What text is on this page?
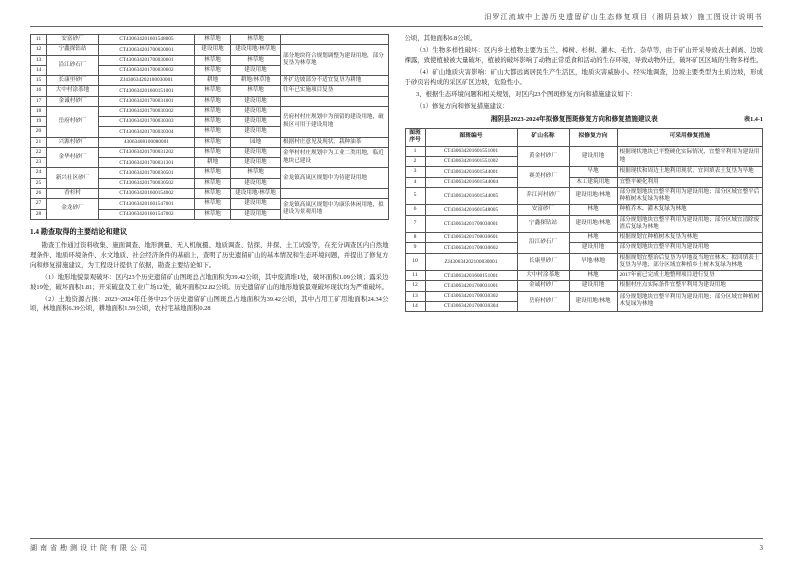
汨罗江流域中上游历史遗留矿山生态修复项目（湘阴县域）施工图设计说明书
11	安富砂厂	CT430634201601548005	林草地	林草地	
12	宁鑫探钻站	CT430634201700030001	建设用地	建设用地/林草地	部分地块符合规划调整为建设用地，部分复垦为林草地
13	沿江砂石厂	CT430634201700030601	林草地	林草地	
14		CT430634201700030602	林草地	建设用地	
15	长康里砂厂	ZJ430634202100030001	耕地	耕地/林草地	外扩边坡部分不适宜复垦为耕地
16	大中村涂茶地	CT430634201600151001	林草地	林草地	往年已实施项目复垦
17	金诚村砂厂	CT430634201700031001	林草地	建设用地	
18	岳府村砂厂	CT430634201700030302	林草地	建设用地	岳府村村庄规划中为预留的建设用地，破损区可用于建设用地
19		CT430634201700030303	林草地	建设用地	
20		CT430634201700030304	林草地	建设用地	
21	兴源村砂厂	43063408100080001	林草地	园地	根据村庄意见及现状，栽种油茶
22	金华村砂厂	CT430634201700031202	林草地	建设用地	金华村村庄规划中为工业二类用地，临近地块已建设
23		CT430634201700031301	耕地	建设用地	
24	新兴社区砂厂	CT430634201700030501	林草地	林草地	金龙镇高岚区规划中为待建设用地
25		CT430634201700030502	林草地	建设用地	
26	香杉村	CT430634201600154002	林草地	建设用地/林草地	
27	金龙砂厂	CT430634201601547001	林草地	建设用地	金龙镇高岚区规划中为康乐休闲用地，拟建设为景观用地
28		CT430634201601547002	林草地	建设用地	
1.4 勘查取得的主要结论和建议

勘查工作通过资料收集、施面调查、地形测量、无人机航摄、地质调查、钻探、井探、土工试验等，在充分调查区内自然地理条件、地质环境条件、水文地质、社会经济条件的基础上，查明了历史遗留矿山的基本情况和生态环境问题，并提出了修复方向和修复措施建议，为工程设计提供了依据，勘查主要结论如下。

（1）地形地貌景观破坏：区内23个历史遗留矿山图斑总占地面积为39.42公顷，其中废渣堆1处，破坏面积1.09公顷；露采边坡19处，破坏面积1.81；开采破盘及工业广场12处，破坏面积32.82公顷。历史遗留矿山的地形地貌景观破坏现状均为严重破坏。

（2）土地资源占损：2023~2024年任务中23个历史遗留矿山图斑总占地面积为39.42公顷，其中占用工矿用地面积24.34公顷，林地面积6.39公顷，耕地面积1.59公顷，农村宅基地面积0.28

公顷，其他面积6.8公顷。

（3）生物多样性破坏：区内乡土植物主要为玉兰、樟树、杉树、灌木、毛竹、杂草等，由于矿山开采导致表土剥离、边坡裸露，致使植被被大量破坏，植被的破坏影响了动物正常觅食和活动的生存环境，导致动物外迁，破坏矿区区域的生物多样性。

（4）矿山地质灾害影响：矿山大都远离居民生产生活区，地质灾害威胁小。经实地调查，边坡主要类型为土质边坡，形成于砂页岩构成的采区矿区边坡，危险性小。

3、根据生态环境问题和相关规划，对区内23个图斑修复方向和措施建议如下：

（1）修复方向和修复措施建议：

湘阴县2023-2024年拟修复图斑修复方向和修复措施建议表	表1.4-1
图斑序号	图斑编号	矿山名称	拟修复方向	可采用修复措施
1	CT430634201601551001	黄金村砂厂	建设用地	根据现状地块已平整硬化实际情况，宜整平利用为建设用地
2	CT430634201601551002			
3	CT430634201601544001	赛美村砂厂	旱地	根据现状和周边土地利用现状，宜回填表土复垦为旱地
4	CT430634201601544004		木工建筑用地	宜整平硬化利用
5	CT430634201601544005	乔江河村砂厂	建设用地/林地	部分规划地块宜整平利用为建设用地；部分区域宜整平后种植树木复绿为林地
6	CT430634201601548005	安富砂厂	林地	种植乔木、灌木复绿为林地
7	CT430634201700030001	宁鑫探钻站	建设用地/林地	部分规划地块宜整平利用为建设用地；部分区域宜清除废渣后复绿为林地
8	CT430634201700030601	沿江砂石厂	林地	根据规划宜种植树木复垦为林地
9	CT430634201700030602		建设用地	部分规划地块宜整平利用为建设用地
10	ZJ430634202100030001	长康里砂厂	旱地/林地	根据规划宜整治后复垦为旱地及当地宜林木；拟回填表土复垦为旱地；部分区域宜种植乡土树木复绿为林地
11	CT430634201600151001	大中村涂茶地	林地	2017年前已完成土地整理项目进行复垦
12	CT430634201700031001	金诚村砂厂	建设用地	根据村庄点实际条件宜整平利用为建设用地
13	CT430634201700030302	岳府村砂厂	建设用地/林地	部分规划地块宜整平利用为建设用地；部分区域宜种植树木复绿为林地
14	CT430634201700030304			
湖南省勘测设计院有限公司	3
